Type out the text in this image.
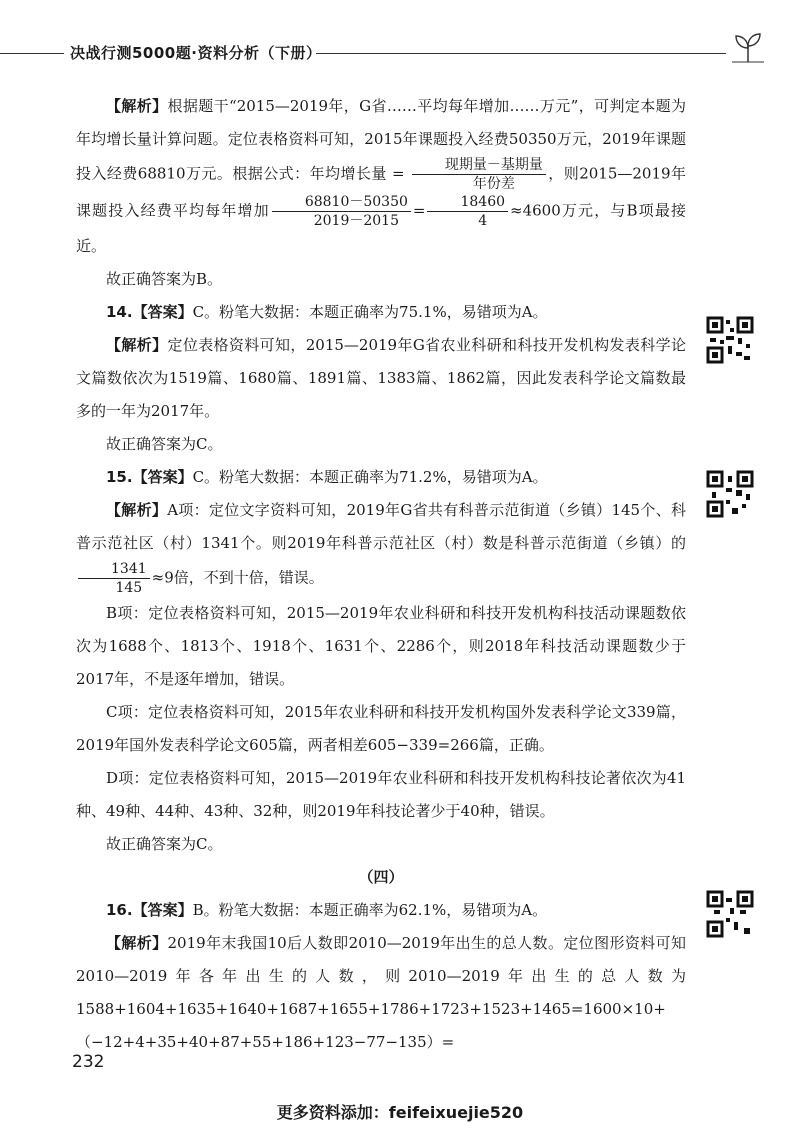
决战行测5000题·资料分析（下册）

【解析】根据题干“2015—2019年，G省……平均每年增加……万元”，可判定本题为年均增长量计算问题。定位表格资料可知，2015年课题投入经费50350万元，2019年课题投入经费68810万元。根据公式：年均增长量 = $\frac{\text{现期量－基期量}}{\text{年份差}}$ ，则2015—2019年课题投入经费平均每年增加 $\frac{68810-50350}{2019-2015} = \frac{18460}{4} \approx 4600$万元，与B项最接近。

故正确答案为B。

14.【答案】C。粉笔大数据：本题正确率为75.1%，易错项为A。

【解析】定位表格资料可知，2015—2019年G省农业科研和科技开发机构发表科学论文篇数依次为1519篇、1680篇、1891篇、1383篇、1862篇，因此发表科学论文篇数最多的一年为2017年。

故正确答案为C。

15.【答案】C。粉笔大数据：本题正确率为71.2%，易错项为A。

【解析】A项：定位文字资料可知，2019年G省共有科普示范街道（乡镇）145个、科普示范社区（村）1341个。则2019年科普示范社区（村）数是科普示范街道（乡镇）的
$\frac{1341}{145} \approx 9$倍，不到十倍，错误。

B项：定位表格资料可知，2015—2019年农业科研和科技开发机构科技活动课题数依次为1688个、1813个、1918个、1631个、2286个，则2018年科技活动课题数少于2017年，不是逐年增加，错误。

C项：定位表格资料可知，2015年农业科研和科技开发机构国外发表科学论文339篇，2019年国外发表科学论文605篇，两者相差605−339=266篇，正确。

D项：定位表格资料可知，2015—2019年农业科研和科技开发机构科技论著依次为41种、49种、44种、43种、32种，则2019年科技论著少于40种，错误。

故正确答案为C。

（四）

16.【答案】B。粉笔大数据：本题正确率为62.1%，易错项为A。

【解析】2019年末我国10后人数即2010—2019年出生的总人数。定位图形资料可知2010—2019年各年出生的人数，则2010—2019年出生的总人数为1588+1604+1635+1640+1687+1655+1786+1723+1523+1465=1600×10+（−12+4+35+40+87+55+186+123−77−135）=

232
更多资料添加：feifeixuejie520
